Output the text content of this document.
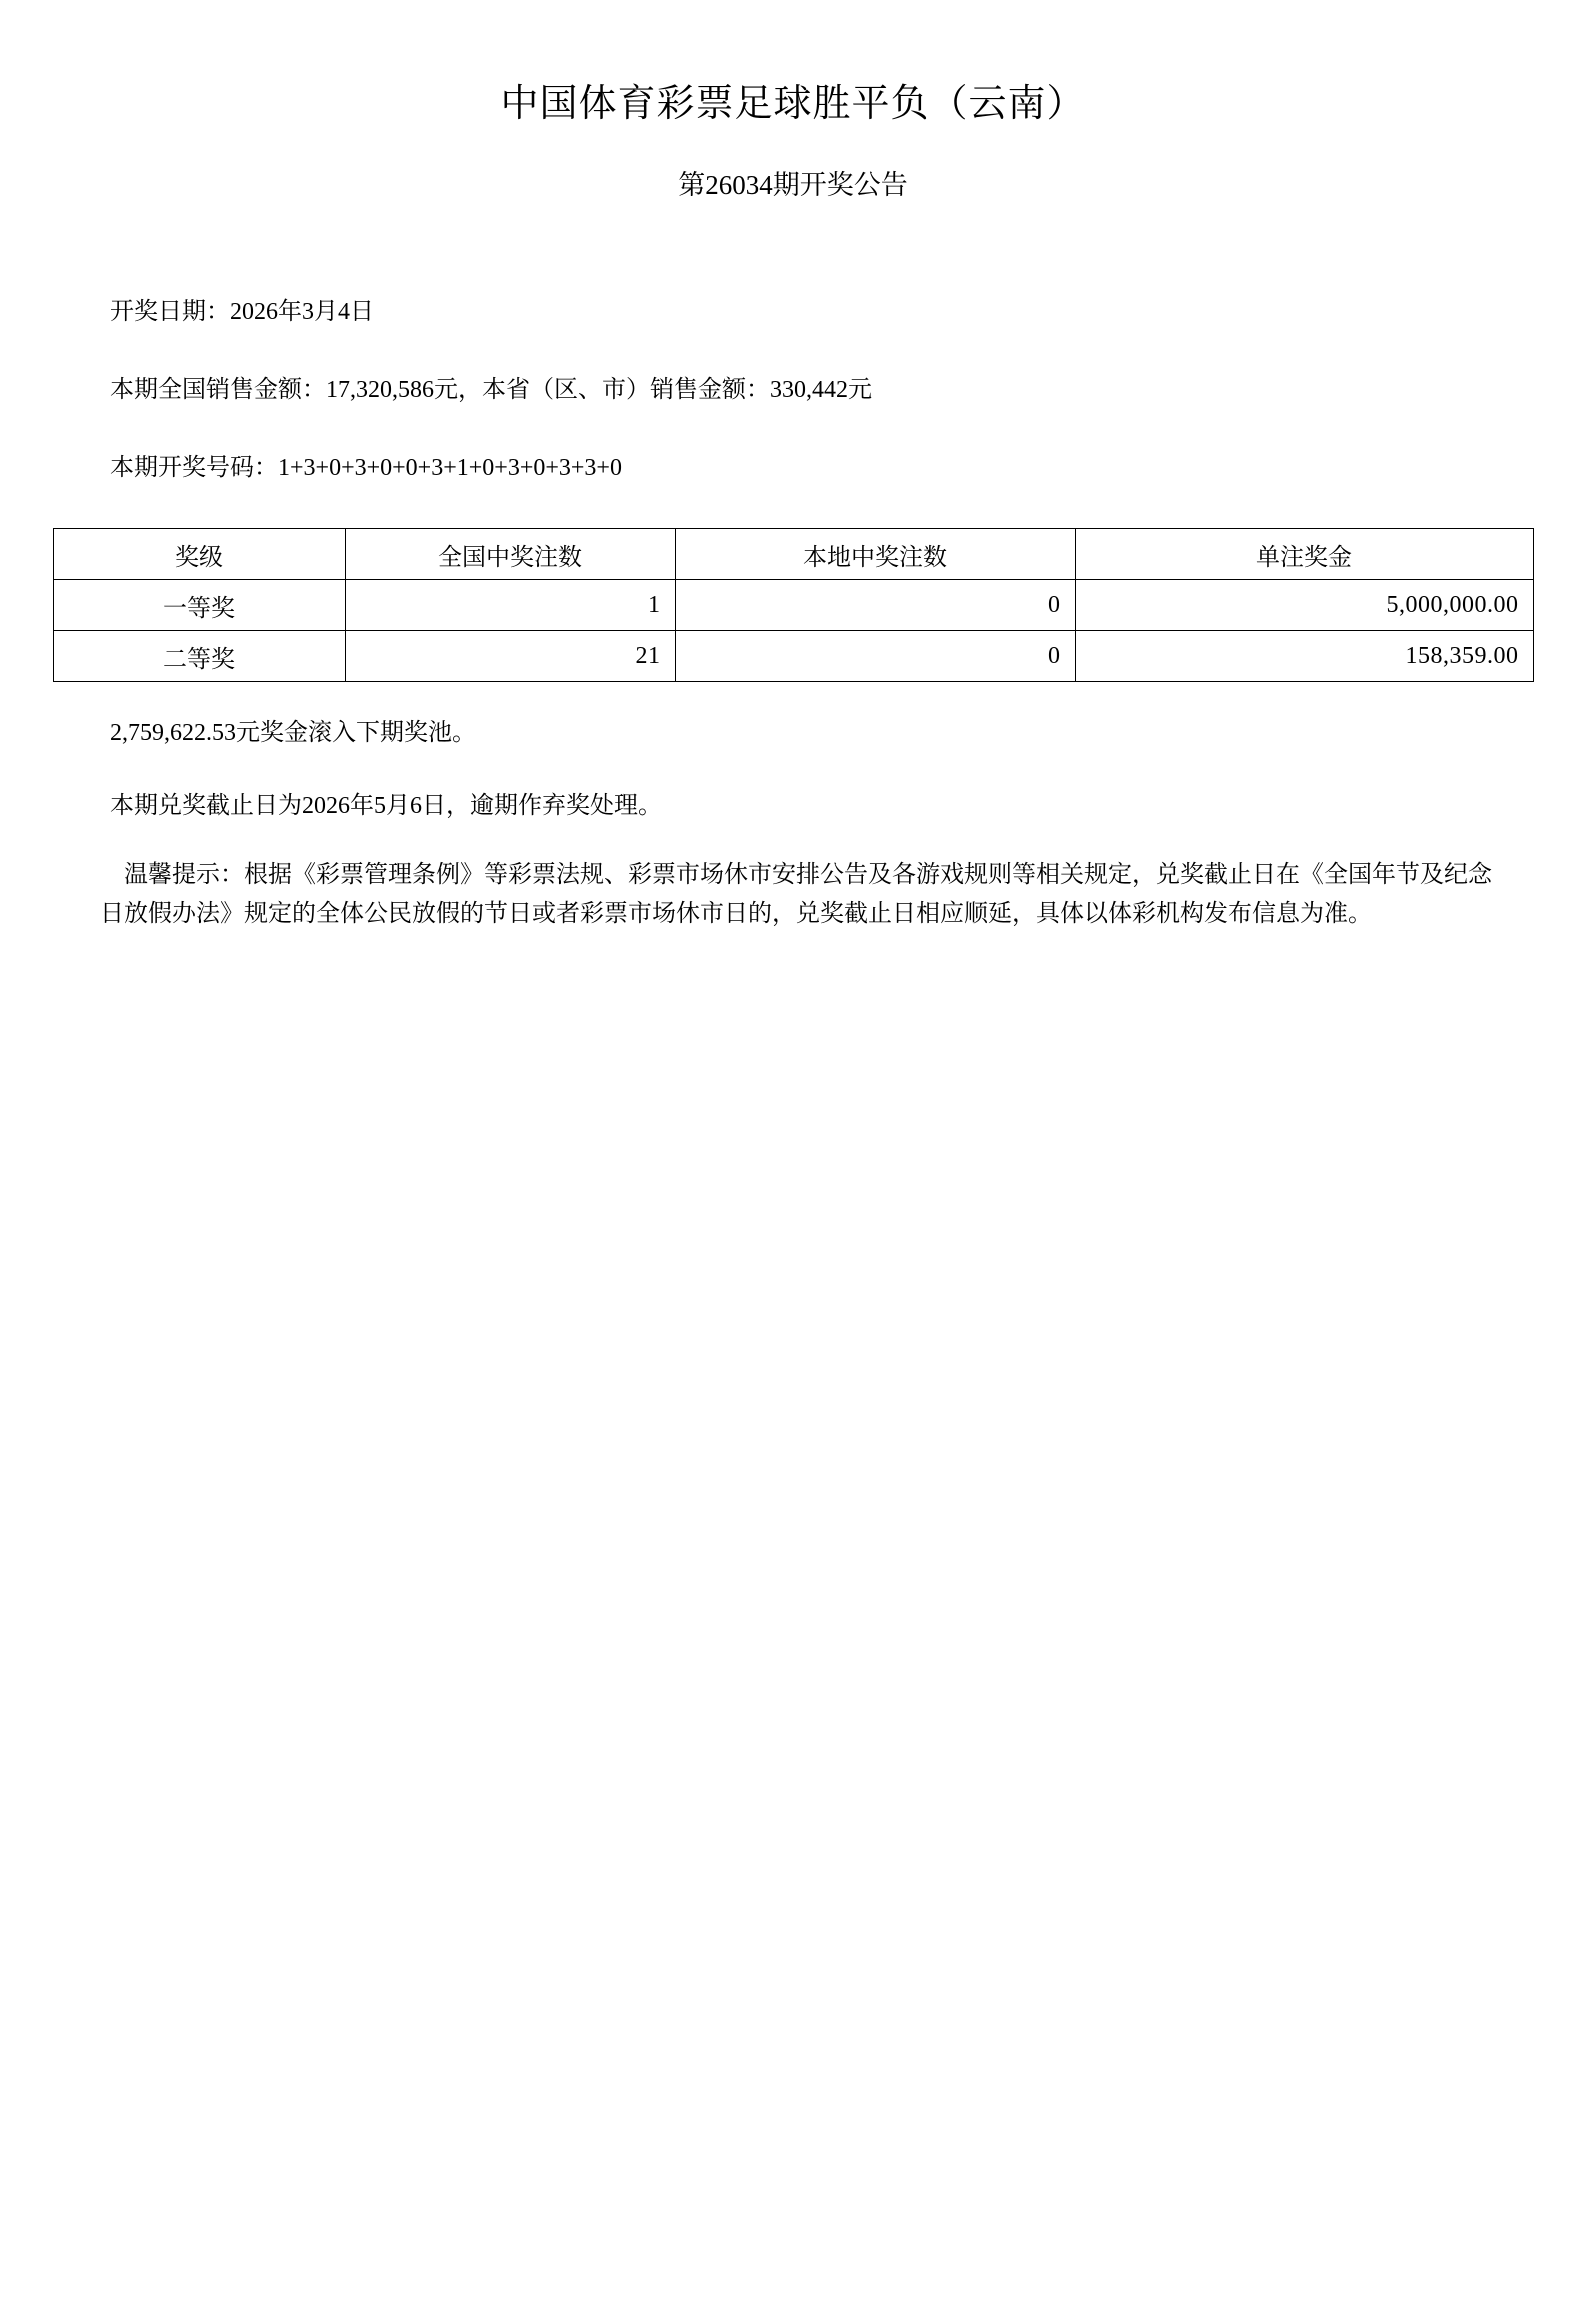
中国体育彩票足球胜平负（云南）
第26034期开奖公告
开奖日期：2026年3月4日
本期全国销售金额：17,320,586元，本省（区、市）销售金额：330,442元
本期开奖号码：1+3+0+3+0+0+3+1+0+3+0+3+3+0
奖级	全国中奖注数	本地中奖注数	单注奖金
一等奖	1	0	5,000,000.00
二等奖	21	0	158,359.00
2,759,622.53元奖金滚入下期奖池。
本期兑奖截止日为2026年5月6日，逾期作弃奖处理。
温馨提示：根据《彩票管理条例》等彩票法规、彩票市场休市安排公告及各游戏规则等相关规定，兑奖截止日在《全国年节及纪念日放假办法》规定的全体公民放假的节日或者彩票市场休市日的，兑奖截止日相应顺延，具体以体彩机构发布信息为准。
